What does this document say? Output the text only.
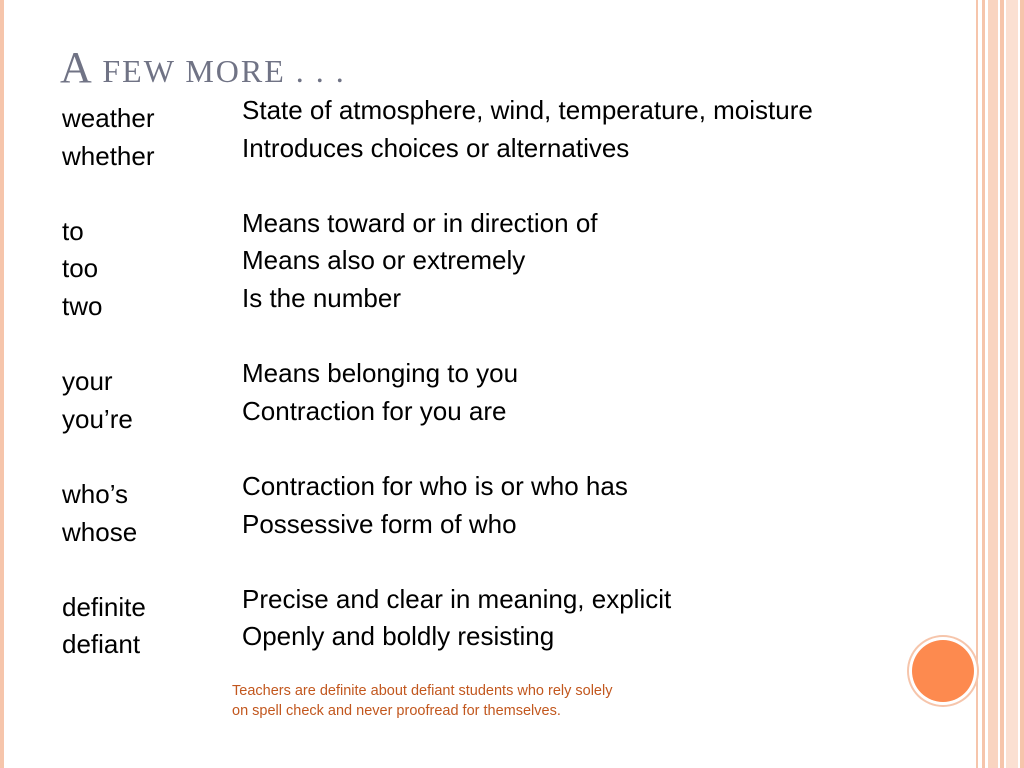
A FEW MORE . . .
weather
whether
to
too
two
your
you’re
who’s
whose
definite
defiant
State of atmosphere, wind, temperature, moisture
Introduces choices or alternatives
Means toward or in direction of
Means also or extremely
Is the number
Means belonging to you
Contraction for you are
Contraction for who is or who has
Possessive form of who
Precise and clear in meaning, explicit
Openly and boldly resisting
Teachers are definite about defiant students who rely solely
on spell check and never proofread for themselves.
